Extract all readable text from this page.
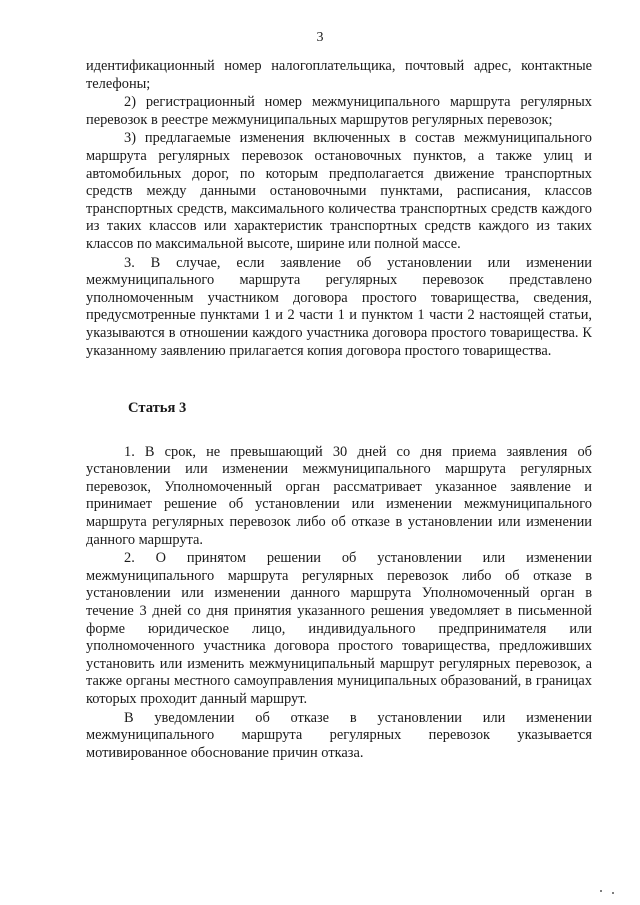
3

идентификационный номер налогоплательщика, почтовый адрес, контактные телефоны;

2) регистрационный номер межмуниципального маршрута регулярных перевозок в реестре межмуниципальных маршрутов регулярных перевозок;

3) предлагаемые изменения включенных в состав межмуниципального маршрута регулярных перевозок остановочных пунктов, а также улиц и автомобильных дорог, по которым предполагается движение транспортных средств между данными остановочными пунктами, расписания, классов транспортных средств, максимального количества транспортных средств каждого из таких классов или характеристик транспортных средств каждого из таких классов по максимальной высоте, ширине или полной массе.

3. В случае, если заявление об установлении или изменении межмуниципального маршрута регулярных перевозок представлено уполномоченным участником договора простого товарищества, сведения, предусмотренные пунктами 1 и 2 части 1 и пунктом 1 части 2 настоящей статьи, указываются в отношении каждого участника договора простого товарищества. К указанному заявлению прилагается копия договора простого товарищества.

Статья 3

1. В срок, не превышающий 30 дней со дня приема заявления об установлении или изменении межмуниципального маршрута регулярных перевозок, Уполномоченный орган рассматривает указанное заявление и принимает решение об установлении или изменении межмуниципального маршрута регулярных перевозок либо об отказе в установлении или изменении данного маршрута.

2. О принятом решении об установлении или изменении межмуниципального маршрута регулярных перевозок либо об отказе в установлении или изменении данного маршрута Уполномоченный орган в течение 3 дней со дня принятия указанного решения уведомляет в письменной форме юридическое лицо, индивидуального предпринимателя или уполномоченного участника договора простого товарищества, предложивших установить или изменить межмуниципальный маршрут регулярных перевозок, а также органы местного самоуправления муниципальных образований, в границах которых проходит данный маршрут.

В уведомлении об отказе в установлении или изменении межмуниципального маршрута регулярных перевозок указывается мотивированное обоснование причин отказа.
